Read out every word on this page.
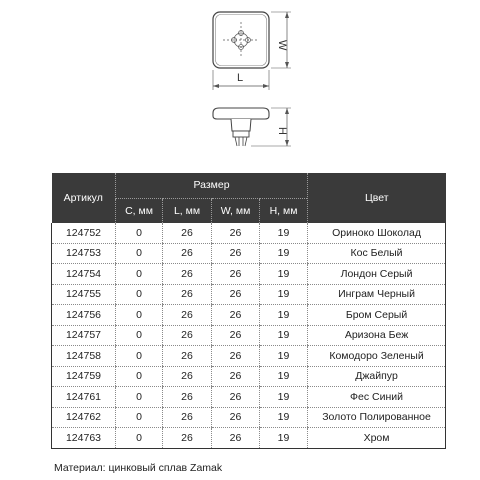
W
L
H
Артикул	Размер				Цвет
	С, мм	L, мм	W, мм	H, мм	
124752	0	26	26	19	Ориноко Шоколад
124753	0	26	26	19	Кос Белый
124754	0	26	26	19	Лондон Серый
124755	0	26	26	19	Инграм Черный
124756	0	26	26	19	Бром Серый
124757	0	26	26	19	Аризона Беж
124758	0	26	26	19	Комодоро Зеленый
124759	0	26	26	19	Джайпур
124761	0	26	26	19	Фес Синий
124762	0	26	26	19	Золото Полированное
124763	0	26	26	19	Хром
Материал: цинковый сплав Zamak
